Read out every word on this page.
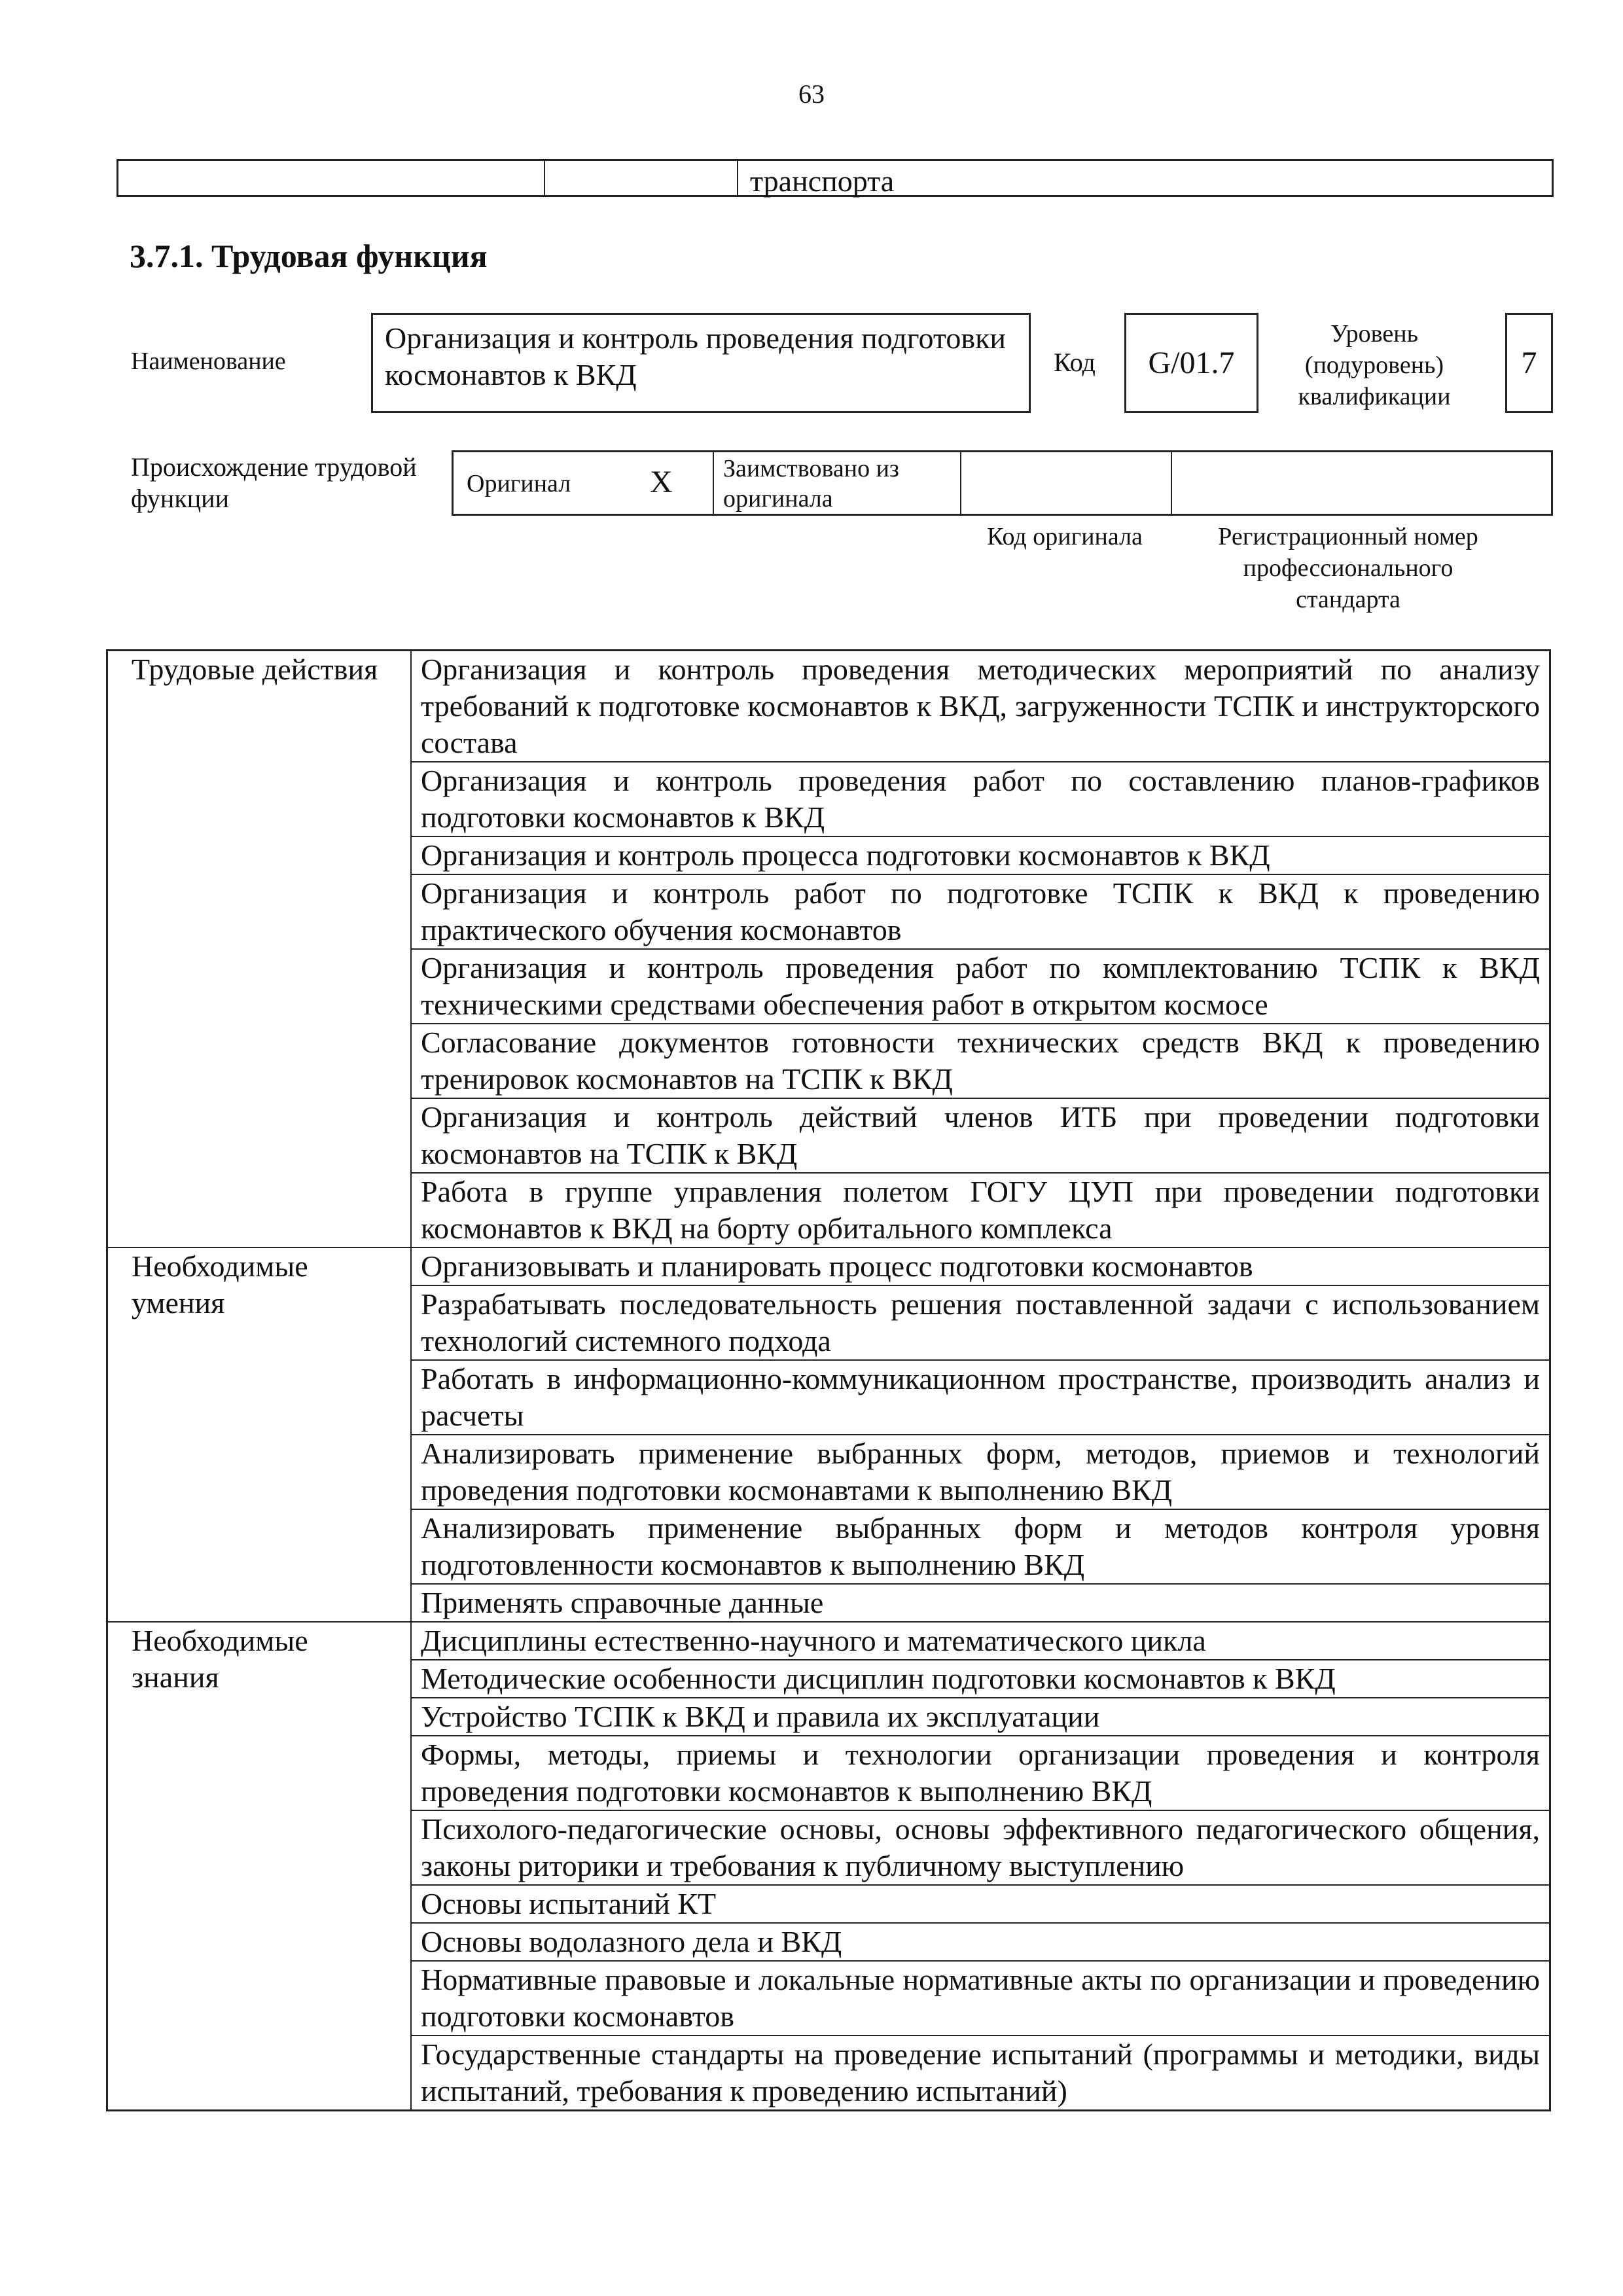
63
транспорта
3.7.1. Трудовая функция
Наименование
Организация и контроль проведения подготовки космонавтов к ВКД	Код G/01.7
Уровень (подуровень) квалификации
7
Происхождение трудовой функции	Оригинал	X Заимствовано из оригинала
Код оригинала	Регистрационный номер профессионального стандарта
Трудовые действия	Организация и контроль проведения методических мероприятий по анализу требований к подготовке космонавтов к ВКД, загруженности ТСПК и инструкторского состава
	Организация и контроль проведения работ по составлению планов-графиков подготовки космонавтов к ВКД
	Организация и контроль процесса подготовки космонавтов к ВКД
	Организация и контроль работ по подготовке ТСПК к ВКД к проведению практического обучения космонавтов
	Организация и контроль проведения работ по комплектованию ТСПК к ВКД техническими средствами обеспечения работ в открытом космосе
	Согласование документов готовности технических средств ВКД к проведению тренировок космонавтов на ТСПК к ВКД
	Организация и контроль действий членов ИТБ при проведении подготовки космонавтов на ТСПК к ВКД
	Работа в группе управления полетом ГОГУ ЦУП при проведении подготовки космонавтов к ВКД на борту орбитального комплекса
Необходимые умения	Организовывать и планировать процесс подготовки космонавтов
	Разрабатывать последовательность решения поставленной задачи с использованием технологий системного подхода
	Работать в информационно-коммуникационном пространстве, производить анализ и расчеты
	Анализировать применение выбранных форм, методов, приемов и технологий проведения подготовки космонавтами к выполнению ВКД
	Анализировать применение выбранных форм и методов контроля уровня подготовленности космонавтов к выполнению ВКД
	Применять справочные данные
Необходимые знания	Дисциплины естественно-научного и математического цикла
	Методические особенности дисциплин подготовки космонавтов к ВКД
	Устройство ТСПК к ВКД и правила их эксплуатации
	Формы, методы, приемы и технологии организации проведения и контроля проведения подготовки космонавтов к выполнению ВКД
	Психолого-педагогические основы, основы эффективного педагогического общения, законы риторики и требования к публичному выступлению
	Основы испытаний КТ
	Основы водолазного дела и ВКД
	Нормативные правовые и локальные нормативные акты по организации и проведению подготовки космонавтов
	Государственные стандарты на проведение испытаний (программы и методики, виды испытаний, требования к проведению испытаний)
